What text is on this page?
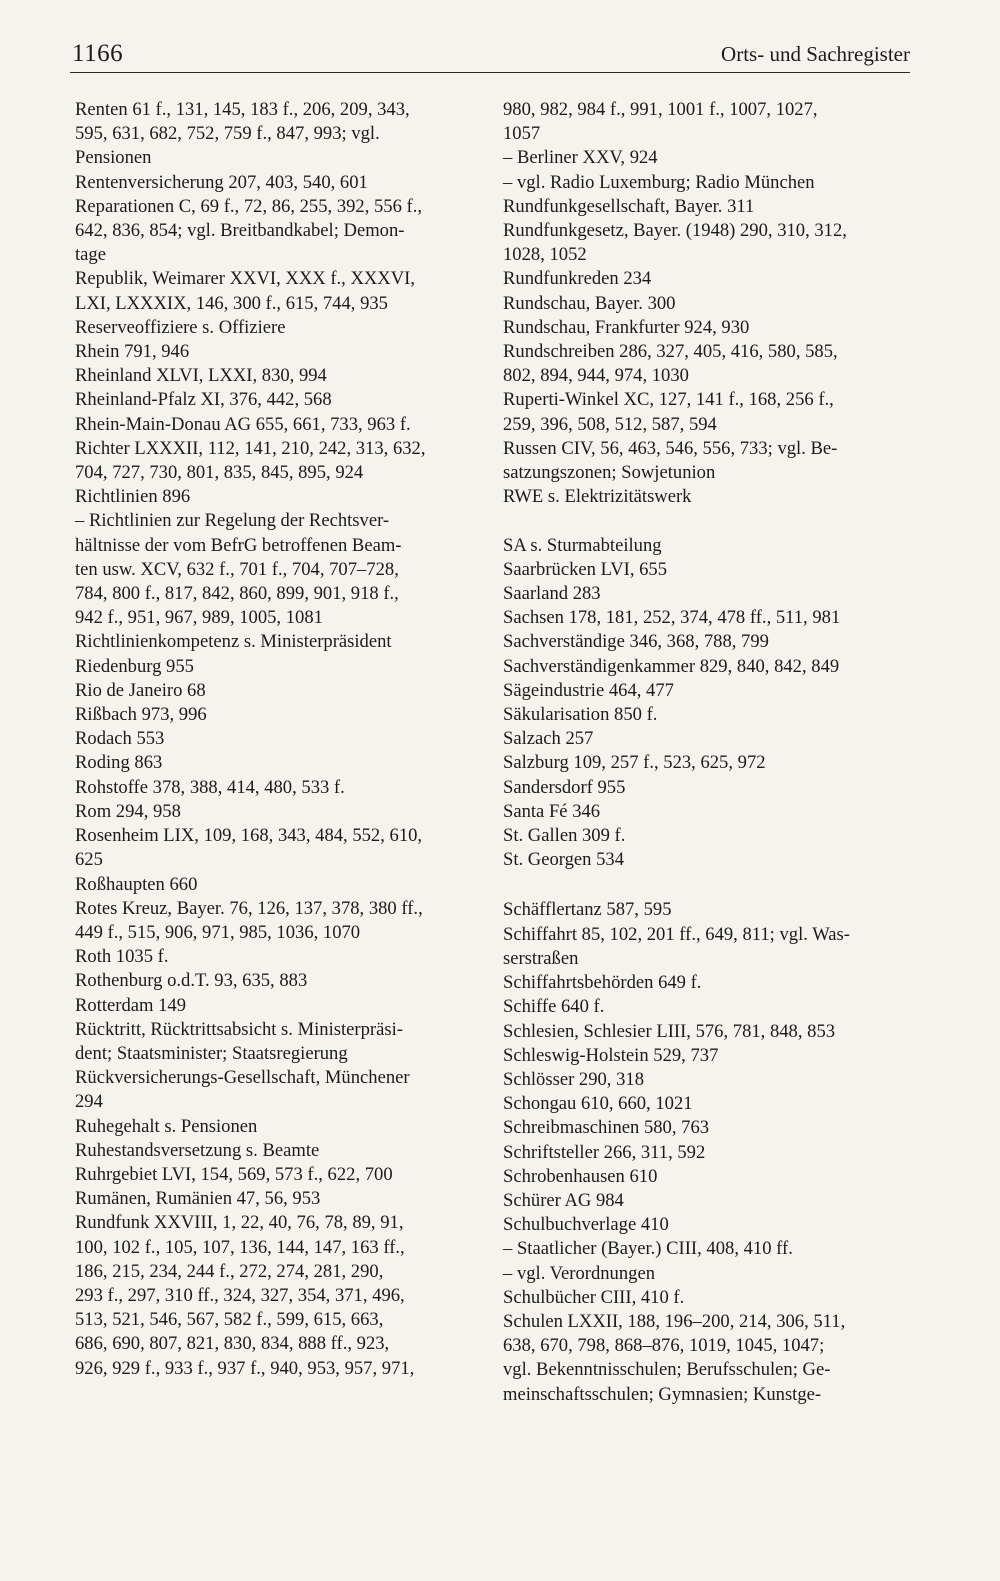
1166	Orts- und Sachregister
Renten 61 f., 131, 145, 183 f., 206, 209, 343,
595, 631, 682, 752, 759 f., 847, 993; vgl.
Pensionen
Rentenversicherung 207, 403, 540, 601
Reparationen C, 69 f., 72, 86, 255, 392, 556 f.,
642, 836, 854; vgl. Breitbandkabel; Demon-
tage
Republik, Weimarer XXVI, XXX f., XXXVI,
LXI, LXXXIX, 146, 300 f., 615, 744, 935
Reserveoffiziere s. Offiziere
Rhein 791, 946
Rheinland XLVI, LXXI, 830, 994
Rheinland-Pfalz XI, 376, 442, 568
Rhein-Main-Donau AG 655, 661, 733, 963 f.
Richter LXXXII, 112, 141, 210, 242, 313, 632,
704, 727, 730, 801, 835, 845, 895, 924
Richtlinien 896
– Richtlinien zur Regelung der Rechtsver-
hältnisse der vom BefrG betroffenen Beam-
ten usw. XCV, 632 f., 701 f., 704, 707–728,
784, 800 f., 817, 842, 860, 899, 901, 918 f.,
942 f., 951, 967, 989, 1005, 1081
Richtlinienkompetenz s. Ministerpräsident
Riedenburg 955
Rio de Janeiro 68
Rißbach 973, 996
Rodach 553
Roding 863
Rohstoffe 378, 388, 414, 480, 533 f.
Rom 294, 958
Rosenheim LIX, 109, 168, 343, 484, 552, 610,
625
Roßhaupten 660
Rotes Kreuz, Bayer. 76, 126, 137, 378, 380 ff.,
449 f., 515, 906, 971, 985, 1036, 1070
Roth 1035 f.
Rothenburg o.d.T. 93, 635, 883
Rotterdam 149
Rücktritt, Rücktrittsabsicht s. Ministerpräsi-
dent; Staatsminister; Staatsregierung
Rückversicherungs-Gesellschaft, Münchener
294
Ruhegehalt s. Pensionen
Ruhestandsversetzung s. Beamte
Ruhrgebiet LVI, 154, 569, 573 f., 622, 700
Rumänen, Rumänien 47, 56, 953
Rundfunk XXVIII, 1, 22, 40, 76, 78, 89, 91,
100, 102 f., 105, 107, 136, 144, 147, 163 ff.,
186, 215, 234, 244 f., 272, 274, 281, 290,
293 f., 297, 310 ff., 324, 327, 354, 371, 496,
513, 521, 546, 567, 582 f., 599, 615, 663,
686, 690, 807, 821, 830, 834, 888 ff., 923,
926, 929 f., 933 f., 937 f., 940, 953, 957, 971,
980, 982, 984 f., 991, 1001 f., 1007, 1027,
1057
– Berliner XXV, 924
– vgl. Radio Luxemburg; Radio München
Rundfunkgesellschaft, Bayer. 311
Rundfunkgesetz, Bayer. (1948) 290, 310, 312,
1028, 1052
Rundfunkreden 234
Rundschau, Bayer. 300
Rundschau, Frankfurter 924, 930
Rundschreiben 286, 327, 405, 416, 580, 585,
802, 894, 944, 974, 1030
Ruperti-Winkel XC, 127, 141 f., 168, 256 f.,
259, 396, 508, 512, 587, 594
Russen CIV, 56, 463, 546, 556, 733; vgl. Be-
satzungszonen; Sowjetunion
RWE s. Elektrizitätswerk
SA s. Sturmabteilung
Saarbrücken LVI, 655
Saarland 283
Sachsen 178, 181, 252, 374, 478 ff., 511, 981
Sachverständige 346, 368, 788, 799
Sachverständigenkammer 829, 840, 842, 849
Sägeindustrie 464, 477
Säkularisation 850 f.
Salzach 257
Salzburg 109, 257 f., 523, 625, 972
Sandersdorf 955
Santa Fé 346
St. Gallen 309 f.
St. Georgen 534
Schäfflertanz 587, 595
Schiffahrt 85, 102, 201 ff., 649, 811; vgl. Was-
serstraßen
Schiffahrtsbehörden 649 f.
Schiffe 640 f.
Schlesien, Schlesier LIII, 576, 781, 848, 853
Schleswig-Holstein 529, 737
Schlösser 290, 318
Schongau 610, 660, 1021
Schreibmaschinen 580, 763
Schriftsteller 266, 311, 592
Schrobenhausen 610
Schürer AG 984
Schulbuchverlage 410
– Staatlicher (Bayer.) CIII, 408, 410 ff.
– vgl. Verordnungen
Schulbücher CIII, 410 f.
Schulen LXXII, 188, 196–200, 214, 306, 511,
638, 670, 798, 868–876, 1019, 1045, 1047;
vgl. Bekenntnisschulen; Berufsschulen; Ge-
meinschaftsschulen; Gymnasien; Kunstge-
